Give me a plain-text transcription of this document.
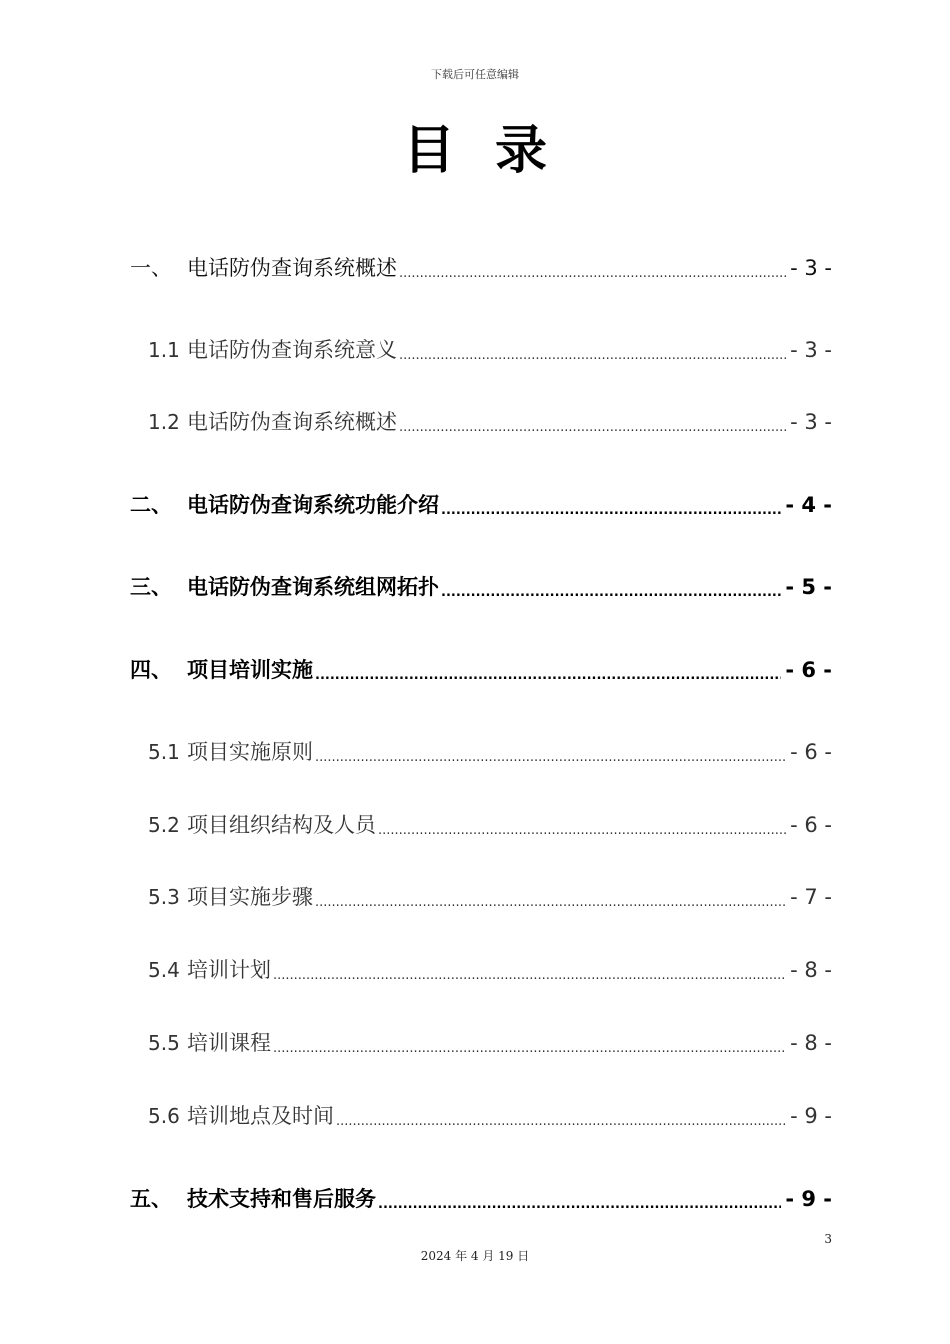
下载后可任意编辑
目录
一、 电话防伪查询系统概述 .....	- 3 -
1.1 电话防伪查询系统意义 .....	- 3 -
1.2 电话防伪查询系统概述 .....	- 3 -
二、 电话防伪查询系统功能介绍 .....	- 4 -
三、 电话防伪查询系统组网拓扑 .....	- 5 -
四、 项目培训实施 .....	- 6 -
5.1 项目实施原则 .....	- 6 -
5.2 项目组织结构及人员 .....	- 6 -
5.3 项目实施步骤 .....	- 7 -
5.4 培训计划 .....	- 8 -
5.5 培训课程 .....	- 8 -
5.6 培训地点及时间 .....	- 9 -
五、 技术支持和售后服务 .....	- 9 -
3
2024 年 4 月 19 日
